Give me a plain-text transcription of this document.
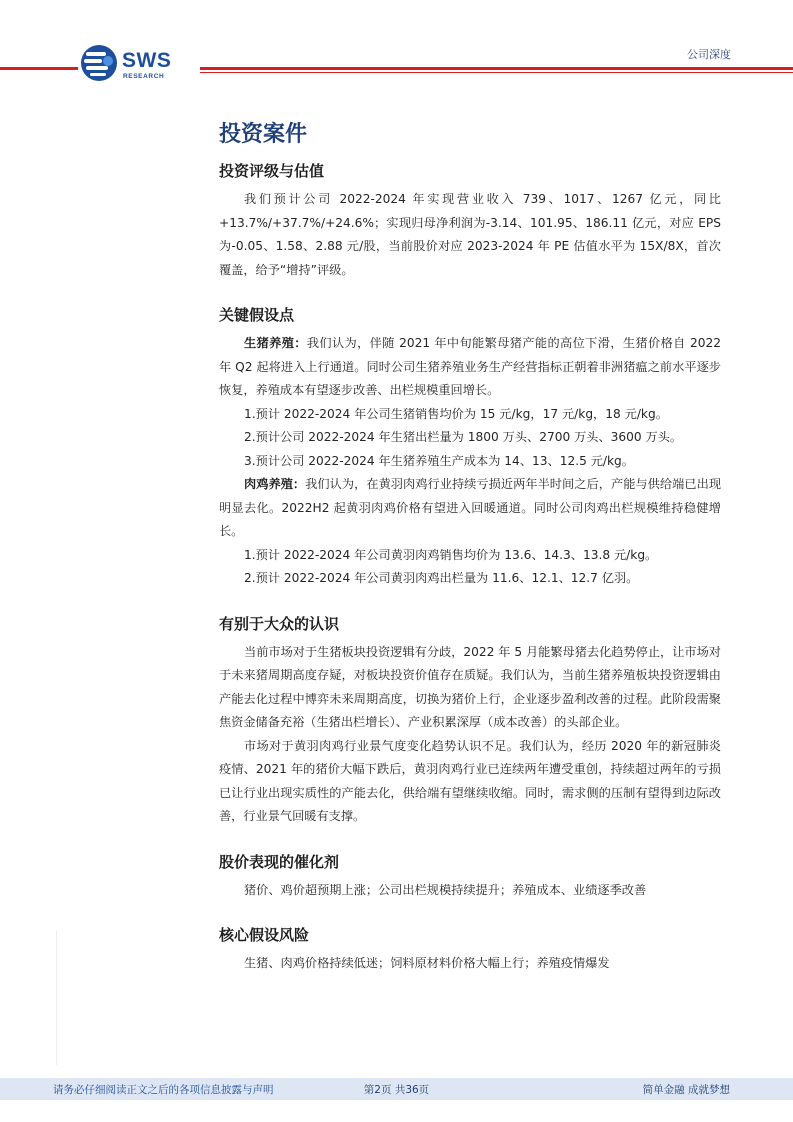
SWS
RESEARCH
公司深度
投资案件
投资评级与估值

我们预计公司 2022-2024 年实现营业收入 739、1017、1267 亿元，同比+13.7%/+37.7%/+24.6%；实现归母净利润为-3.14、101.95、186.11 亿元，对应 EPS 为-0.05、1.58、2.88 元/股，当前股价对应 2023-2024 年 PE 估值水平为 15X/8X，首次覆盖，给予“增持”评级。

关键假设点

生猪养殖：我们认为，伴随 2021 年中旬能繁母猪产能的高位下滑，生猪价格自 2022 年 Q2 起将进入上行通道。同时公司生猪养殖业务生产经营指标正朝着非洲猪瘟之前水平逐步恢复，养殖成本有望逐步改善、出栏规模重回增长。

1.预计 2022-2024 年公司生猪销售均价为 15 元/kg，17 元/kg，18 元/kg。

2.预计公司 2022-2024 年生猪出栏量为 1800 万头、2700 万头、3600 万头。

3.预计公司 2022-2024 年生猪养殖生产成本为 14、13、12.5 元/kg。

肉鸡养殖：我们认为，在黄羽肉鸡行业持续亏损近两年半时间之后，产能与供给端已出现明显去化。2022H2 起黄羽肉鸡价格有望进入回暖通道。同时公司肉鸡出栏规模维持稳健增长。

1.预计 2022-2024 年公司黄羽肉鸡销售均价为 13.6、14.3、13.8 元/kg。

2.预计 2022-2024 年公司黄羽肉鸡出栏量为 11.6、12.1、12.7 亿羽。

有别于大众的认识

当前市场对于生猪板块投资逻辑有分歧，2022 年 5 月能繁母猪去化趋势停止，让市场对于未来猪周期高度存疑，对板块投资价值存在质疑。我们认为，当前生猪养殖板块投资逻辑由产能去化过程中博弈未来周期高度，切换为猪价上行，企业逐步盈利改善的过程。此阶段需聚焦资金储备充裕（生猪出栏增长）、产业积累深厚（成本改善）的头部企业。

市场对于黄羽肉鸡行业景气度变化趋势认识不足。我们认为，经历 2020 年的新冠肺炎疫情、2021 年的猪价大幅下跌后，黄羽肉鸡行业已连续两年遭受重创，持续超过两年的亏损已让行业出现实质性的产能去化，供给端有望继续收缩。同时，需求侧的压制有望得到边际改善，行业景气回暖有支撑。

股价表现的催化剂

猪价、鸡价超预期上涨；公司出栏规模持续提升；养殖成本、业绩逐季改善

核心假设风险

生猪、肉鸡价格持续低迷；饲料原材料价格大幅上行；养殖疫情爆发

第2页 共36页
请务必仔细阅读正文之后的各项信息披露与声明	简单金融 成就梦想
